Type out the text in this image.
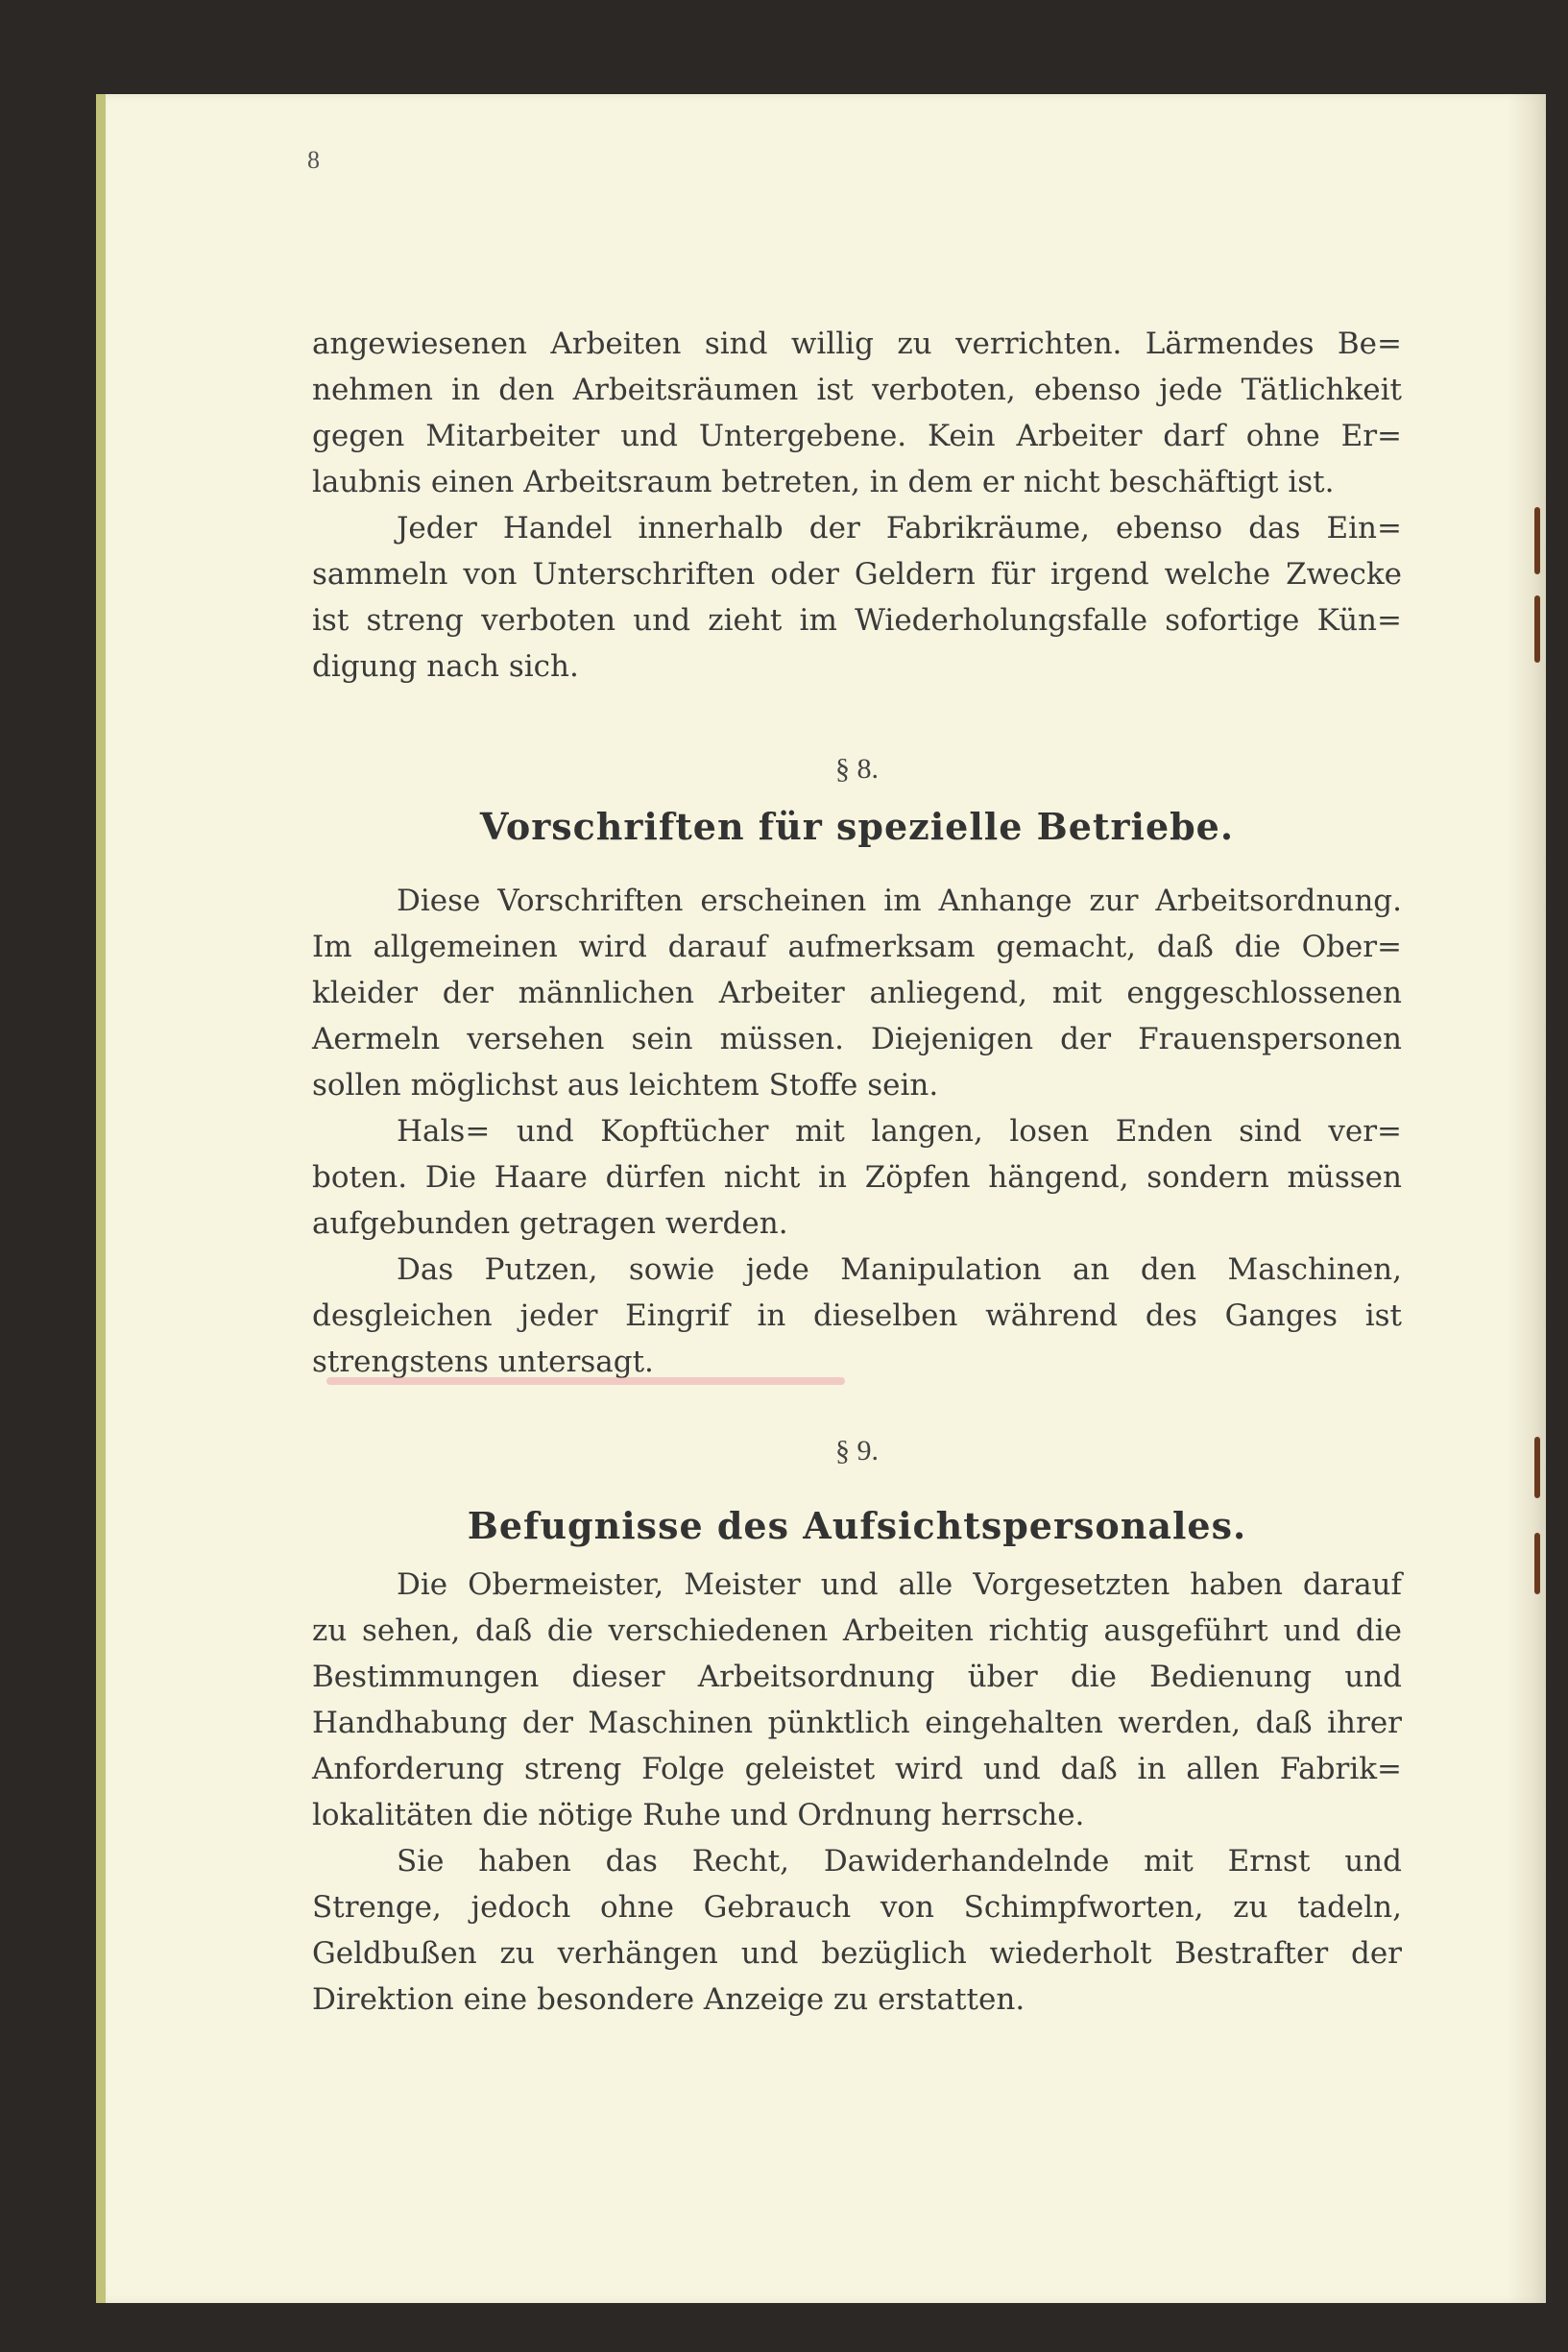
8
angewiesenen Arbeiten sind willig zu verrichten. Lärmendes Be=
nehmen in den Arbeitsräumen ist verboten, ebenso jede Tätlichkeit
gegen Mitarbeiter und Untergebene. Kein Arbeiter darf ohne Er=
laubnis einen Arbeitsraum betreten, in dem er nicht beschäftigt ist.
Jeder Handel innerhalb der Fabrikräume, ebenso das Ein=
sammeln von Unterschriften oder Geldern für irgend welche Zwecke
ist streng verboten und zieht im Wiederholungsfalle sofortige Kün=
digung nach sich.
§ 8.
Vorschriften für spezielle Betriebe.
Diese Vorschriften erscheinen im Anhange zur Arbeitsordnung.
Im allgemeinen wird darauf aufmerksam gemacht, daß die Ober=
kleider der männlichen Arbeiter anliegend, mit enggeschlossenen
Aermeln versehen sein müssen. Diejenigen der Frauenspersonen
sollen möglichst aus leichtem Stoffe sein.
Hals= und Kopftücher mit langen, losen Enden sind ver=
boten. Die Haare dürfen nicht in Zöpfen hängend, sondern müssen
aufgebunden getragen werden.
Das Putzen, sowie jede Manipulation an den Maschinen,
desgleichen jeder Eingrif in dieselben während des Ganges ist
strengstens untersagt.
§ 9.
Befugnisse des Aufsichtspersonales.
Die Obermeister, Meister und alle Vorgesetzten haben darauf
zu sehen, daß die verschiedenen Arbeiten richtig ausgeführt und die
Bestimmungen dieser Arbeitsordnung über die Bedienung und
Handhabung der Maschinen pünktlich eingehalten werden, daß ihrer
Anforderung streng Folge geleistet wird und daß in allen Fabrik=
lokalitäten die nötige Ruhe und Ordnung herrsche.
Sie haben das Recht, Dawiderhandelnde mit Ernst und
Strenge, jedoch ohne Gebrauch von Schimpfworten, zu tadeln,
Geldbußen zu verhängen und bezüglich wiederholt Bestrafter der
Direktion eine besondere Anzeige zu erstatten.
